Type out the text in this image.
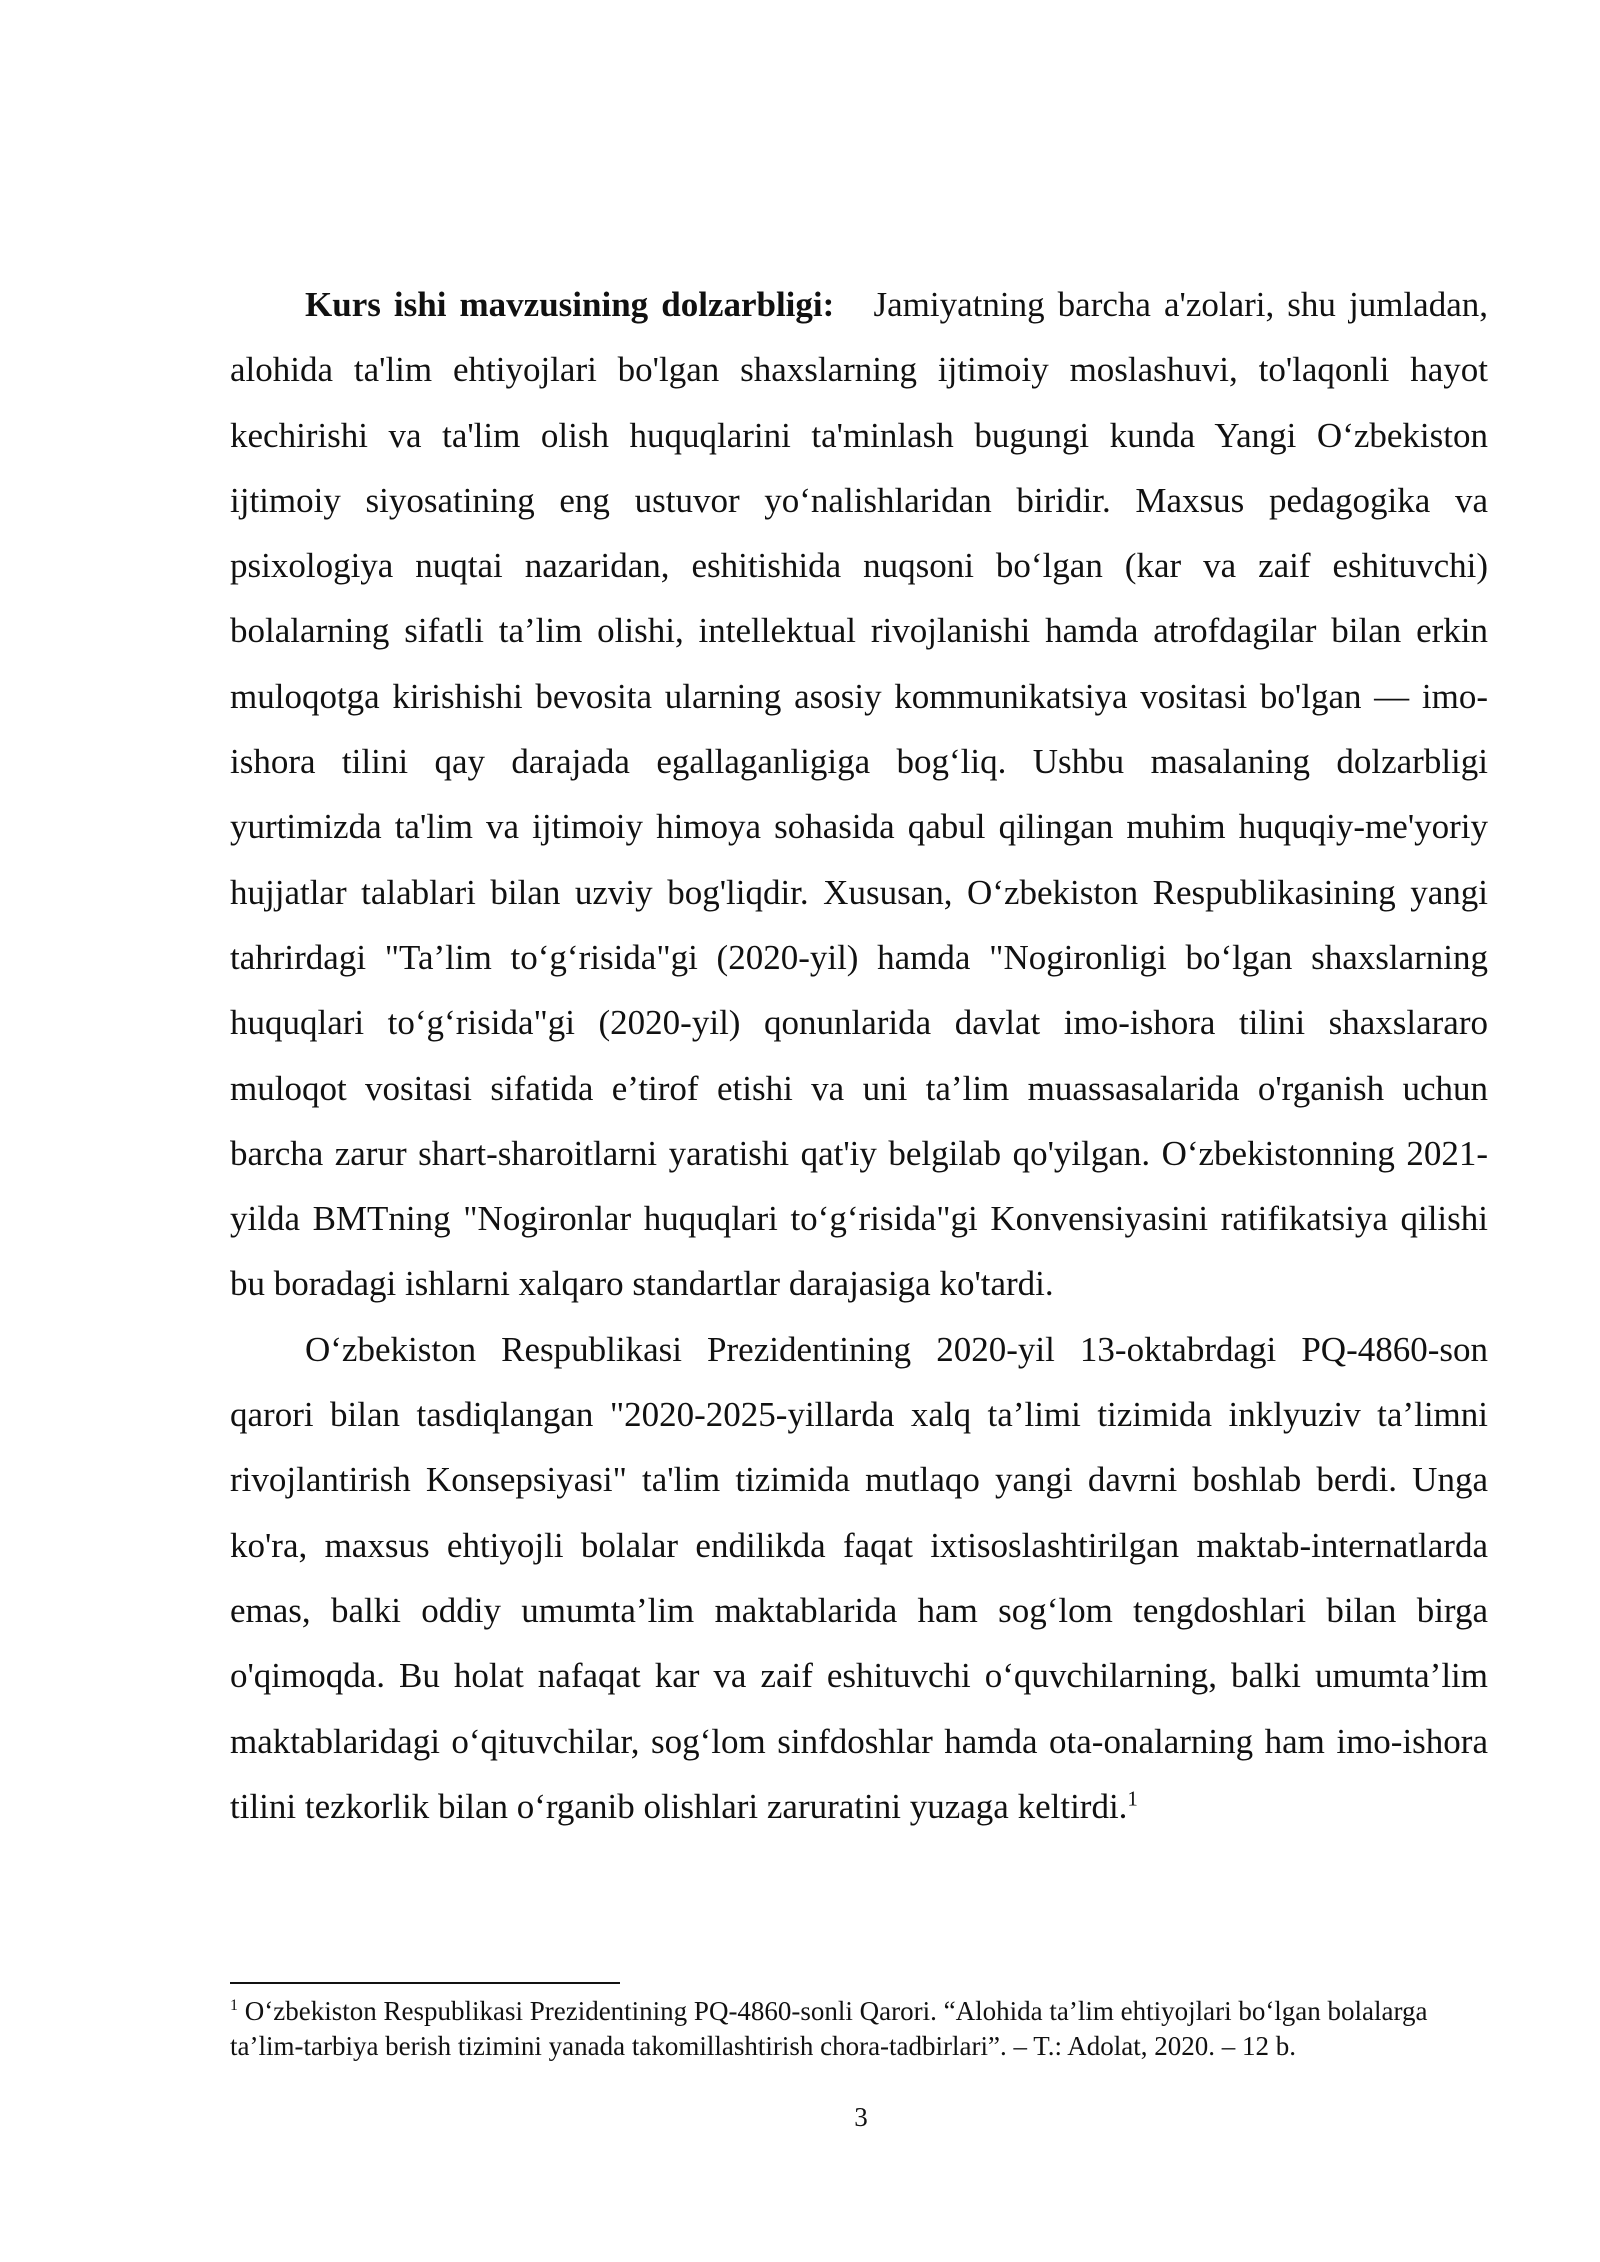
Kurs ishi mavzusining dolzarbligi: Jamiyatning barcha a'zolari, shu jumladan, alohida ta'lim ehtiyojlari bo'lgan shaxslarning ijtimoiy moslashuvi, to'laqonli hayot kechirishi va ta'lim olish huquqlarini ta'minlash bugungi kunda Yangi O‘zbekiston ijtimoiy siyosatining eng ustuvor yo‘nalishlaridan biridir. Maxsus pedagogika va psixologiya nuqtai nazaridan, eshitishida nuqsoni bo‘lgan (kar va zaif eshituvchi) bolalarning sifatli ta’lim olishi, intellektual rivojlanishi hamda atrofdagilar bilan erkin muloqotga kirishishi bevosita ularning asosiy kommunikatsiya vositasi bo'lgan — imo-ishora tilini qay darajada egallaganligiga bog‘liq. Ushbu masalaning dolzarbligi yurtimizda ta'lim va ijtimoiy himoya sohasida qabul qilingan muhim huquqiy-me'yoriy hujjatlar talablari bilan uzviy bog'liqdir. Xususan, O‘zbekiston Respublikasining yangi tahrirdagi "Ta’lim to‘g‘risida"gi (2020-yil) hamda "Nogironligi bo‘lgan shaxslarning huquqlari to‘g‘risida"gi (2020-yil) qonunlarida davlat imo-ishora tilini shaxslararo muloqot vositasi sifatida e’tirof etishi va uni ta’lim muassasalarida o'rganish uchun barcha zarur shart-sharoitlarni yaratishi qat'iy belgilab qo'yilgan. O‘zbekistonning 2021-yilda BMTning "Nogironlar huquqlari to‘g‘risida"gi Konvensiyasini ratifikatsiya qilishi bu boradagi ishlarni xalqaro standartlar darajasiga ko'tardi.

O‘zbekiston Respublikasi Prezidentining 2020-yil 13-oktabrdagi PQ-4860-son qarori bilan tasdiqlangan "2020-2025-yillarda xalq ta’limi tizimida inklyuziv ta’limni rivojlantirish Konsepsiyasi" ta'lim tizimida mutlaqo yangi davrni boshlab berdi. Unga ko'ra, maxsus ehtiyojli bolalar endilikda faqat ixtisoslashtirilgan maktab-internatlarda emas, balki oddiy umumta’lim maktablarida ham sog‘lom tengdoshlari bilan birga o'qimoqda. Bu holat nafaqat kar va zaif eshituvchi o‘quvchilarning, balki umumta’lim maktablaridagi o‘qituvchilar, sog‘lom sinfdoshlar hamda ota-onalarning ham imo-ishora tilini tezkorlik bilan o‘rganib olishlari zaruratini yuzaga keltirdi.$^1$

$^1$ O‘zbekiston Respublikasi Prezidentining PQ-4860-sonli Qarori. “Alohida ta’lim ehtiyojlari bo‘lgan bolalarga ta’lim-tarbiya berish tizimini yanada takomillashtirish chora-tadbirlari”. – T.: Adolat, 2020. – 12 b.
3
